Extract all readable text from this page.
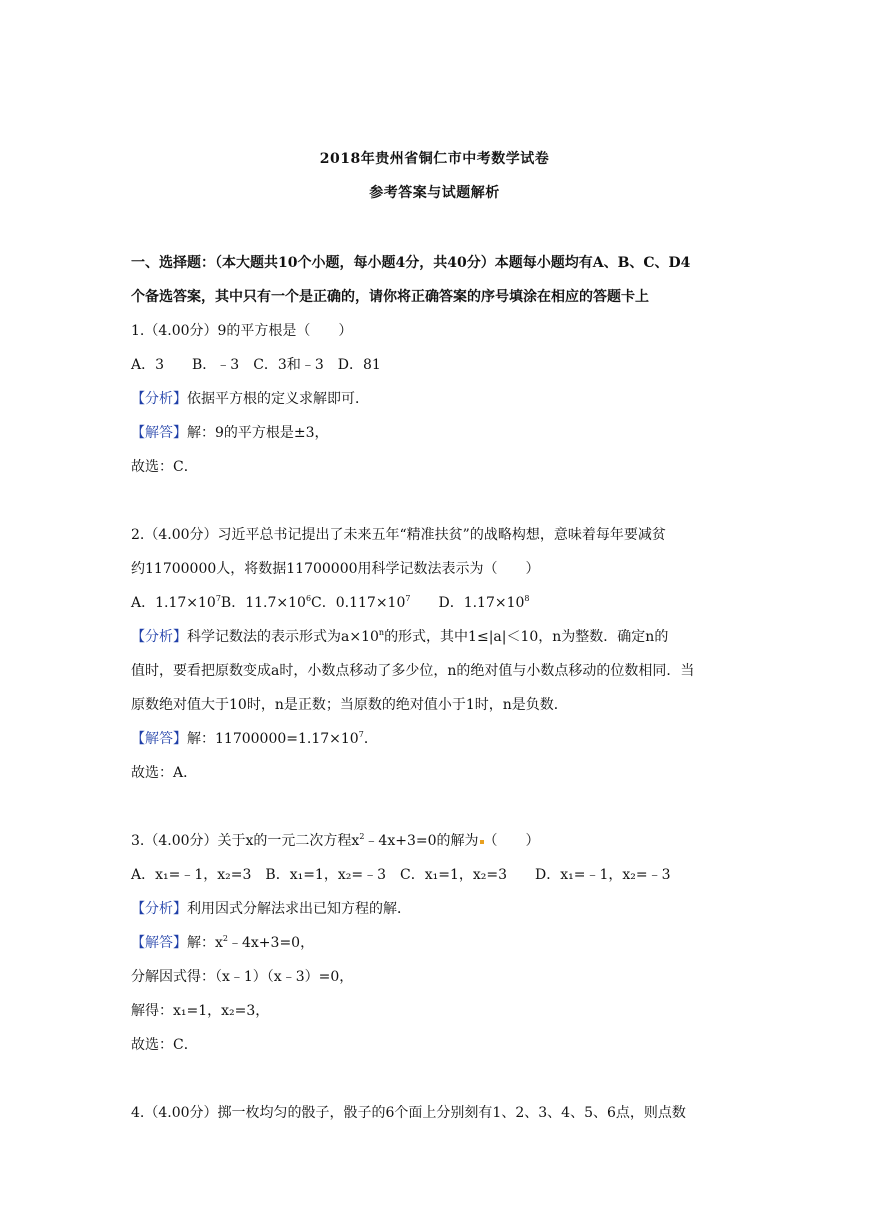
2018年贵州省铜仁市中考数学试卷
参考答案与试题解析
一、选择题：（本大题共10个小题，每小题4分，共40分）本题每小题均有A、B、C、D4
个备选答案，其中只有一个是正确的，请你将正确答案的序号填涂在相应的答题卡上
1.（4.00分）9的平方根是（　　）
A．3　　B．﹣3　C．3和﹣3　D．81
【分析】依据平方根的定义求解即可．
【解答】解：9的平方根是±3，
故选：C．
2.（4.00分）习近平总书记提出了未来五年“精准扶贫”的战略构想，意味着每年要减贫
约11700000人，将数据11700000用科学记数法表示为（　　）
A．$1.17\times 10^7B$．$11.7\times 10^6C$．$0.117\times 10^7$ D．$1.17\times 10^8$
【分析】科学记数法的表示形式为$a\times 10^n$的形式，其中1≤|a|＜10，n为整数．确定n的
值时，要看把原数变成a时，小数点移动了多少位，n的绝对值与小数点移动的位数相同．当
原数绝对值大于10时，n是正数；当原数的绝对值小于1时，n是负数．
【解答】解：$11700000=1.17\times 10^7$．
故选：A．
3.（4.00分）关于x的一元二次方程$x^2﹣4x+3=0$的解为 （　　）
A．x₁=﹣1，x₂=3　 B．x₁=1，x₂=﹣3　 C．x₁=1，x₂=3　　 D．x₁=﹣1，x₂=﹣3
【分析】利用因式分解法求出已知方程的解．
【解答】解：$x^2﹣4x+3=0$，
分解因式得：（x﹣1）（x﹣3）=0，
解得：x₁=1，x₂=3，
故选：C．
4.（4.00分）掷一枚均匀的骰子，骰子的6个面上分别刻有1、2、3、4、5、6点，则点数
